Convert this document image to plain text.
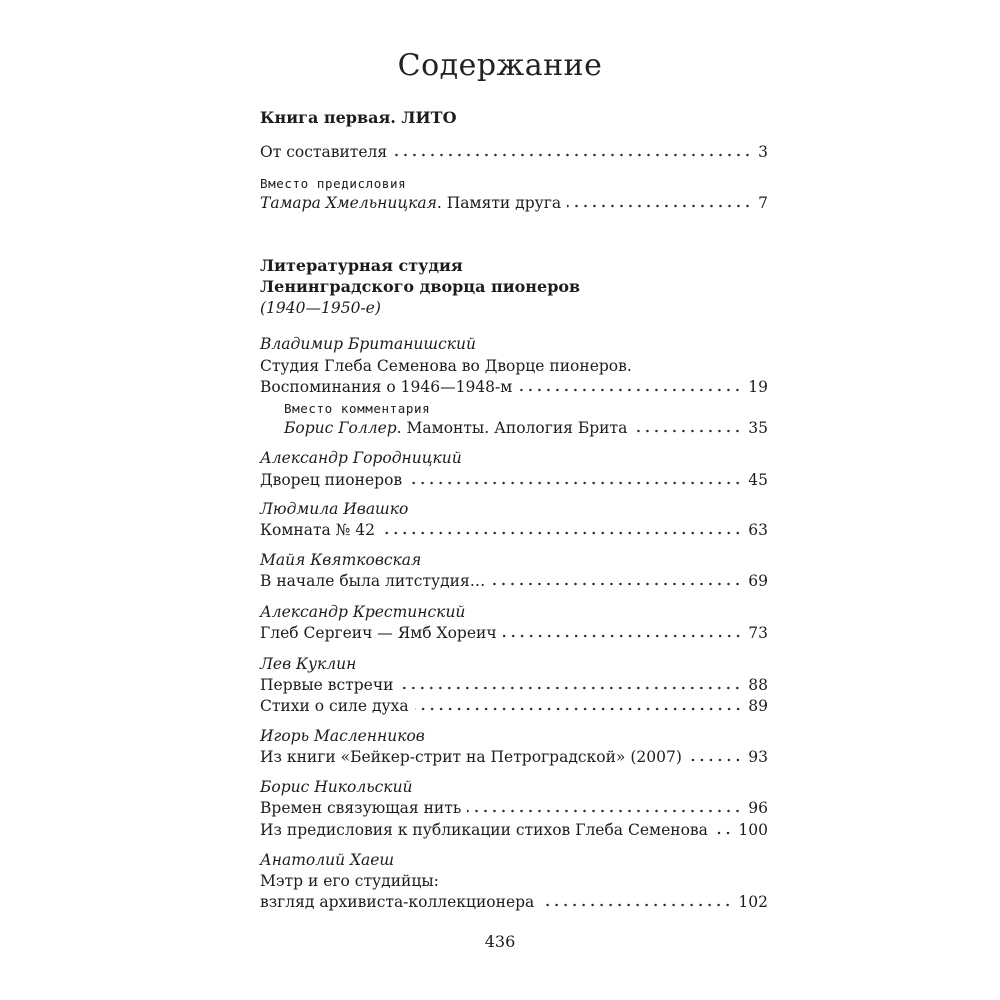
Содержание
Книга первая. ЛИТО
От составителя	3
Вместо предисловия
Тамара Хмельницкая. Памяти друга	7
Литературная студия
Ленинградского дворца пионеров
(1940—1950-е)
Владимир Британишский
Студия Глеба Семенова во Дворце пионеров.
Воспоминания о 1946—1948-м	19
Вместо комментария
Борис Голлер. Мамонты. Апология Брита	35
Александр Городницкий
Дворец пионеров	45
Людмила Ивашко
Комната № 42	63
Майя Квятковская
В начале была литстудия…	69
Александр Крестинский
Глеб Сергеич — Ямб Хореич	73
Лев Куклин
Первые встречи	88
Стихи о силе духа	89
Игорь Масленников
Из книги «Бейкер-стрит на Петроградской» (2007)	93
Борис Никольский
Времен связующая нить	96
Из предисловия к публикации стихов Глеба Семенова 100
Анатолий Хаеш
Мэтр и его студийцы:
взгляд архивиста-коллекционера	102
436
